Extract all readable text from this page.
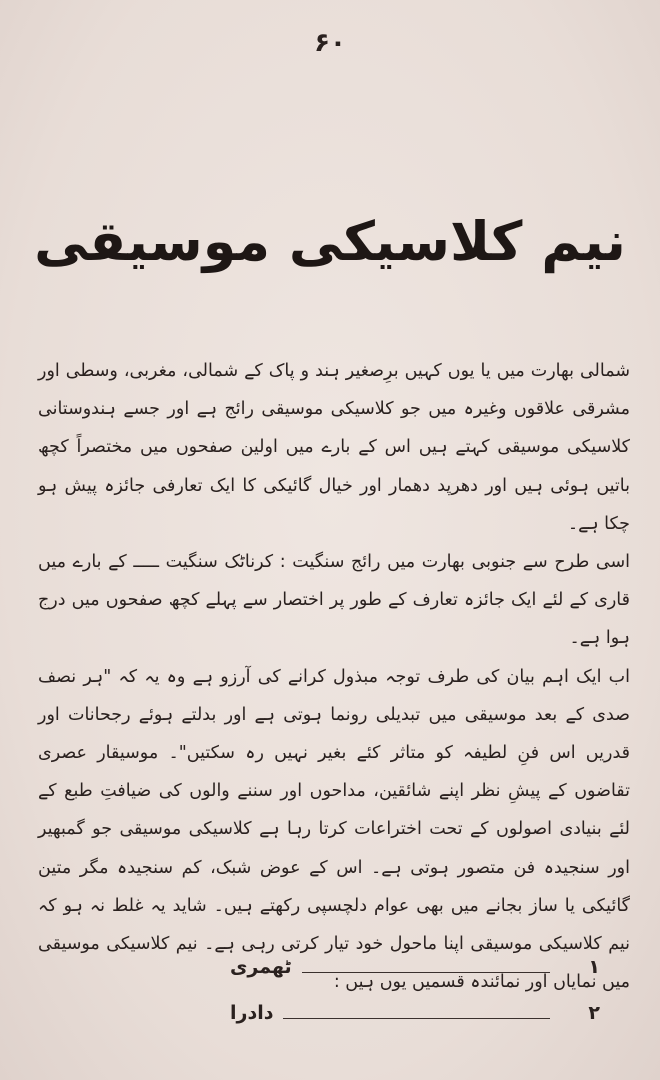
۶۰
نیم کلاسیکی موسیقی

شمالی بھارت میں یا یوں کہیں برِصغیر ہند و پاک کے شمالی، مغربی، وسطی اور مشرقی علاقوں وغیرہ میں جو کلاسیکی موسیقی رائج ہے اور جسے ہندوستانی کلاسیکی موسیقی کہتے ہیں اس کے بارے میں اولین صفحوں میں مختصراً کچھ باتیں ہوئی ہیں اور دھرپد دھمار اور خیال گائیکی کا ایک تعارفی جائزہ پیش ہو چکا ہے۔

اسی طرح سے جنوبی بھارت میں رائج سنگیت : کرناٹک سنگیت ـــــ کے بارے میں قاری کے لئے ایک جائزہ تعارف کے طور پر اختصار سے پہلے کچھ صفحوں میں درج ہوا ہے۔

اب ایک اہم بیان کی طرف توجہ مبذول کرانے کی آرزو ہے وہ یہ کہ "ہر نصف صدی کے بعد موسیقی میں تبدیلی رونما ہوتی ہے اور بدلتے ہوئے رجحانات اور قدریں اس فنِ لطیفہ کو متاثر کئے بغیر نہیں رہ سکتیں"۔ موسیقار عصری تقاضوں کے پیشِ نظر اپنے شائقین، مداحوں اور سننے والوں کی ضیافتِ طبع کے لئے بنیادی اصولوں کے تحت اختراعات کرتا رہا ہے کلاسیکی موسیقی جو گمبھیر اور سنجیدہ فن متصور ہوتی ہے۔ اس کے عوض شبک، کم سنجیدہ مگر متین گائیکی یا ساز بجانے میں بھی عوام دلچسپی رکھتے ہیں۔ شاید یہ غلط نہ ہو کہ نیم کلاسیکی موسیقی اپنا ماحول خود تیار کرتی رہی ہے۔ نیم کلاسیکی موسیقی میں نمایاں اور نمائندہ قسمیں یوں ہیں :

۱
ٹھمری
۲
دادرا
